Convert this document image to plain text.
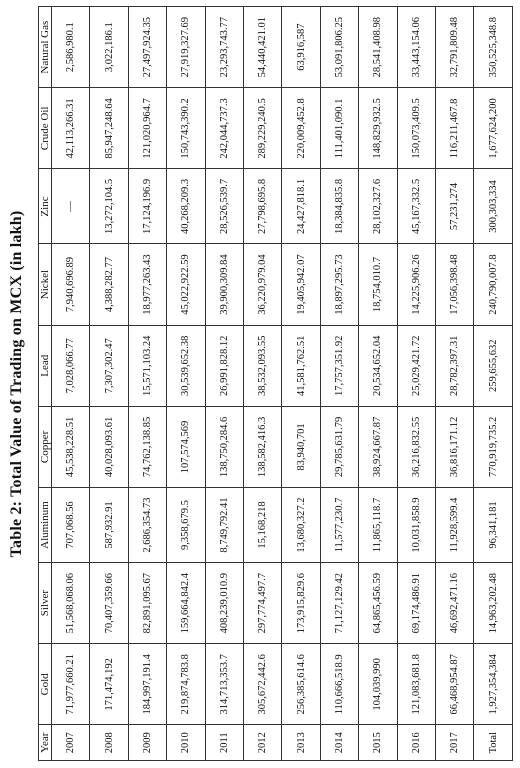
Table 2: Total Value of Trading on MCX (in lakh)
Year	Gold	Silver	Aluminum	Copper	Lead	Nickel	Zinc	Crude Oil	Natural Gas
2007	71,977,660.21	51,568,068.06	707,068.56	45,538,228.51	7,028,066.77	7,940,696.89	—	42,113,266.31	2,586,980.1
2008	171,474,192	70,407,359.66	587,932.91	40,028,093.61	7,307,302.47	4,388,282.77	13,272,104.5	85,947,248.64	3,022,186.1
2009	184,997,191.4	82,891,095.67	2,686,354.73	74,762,138.85	15,571,103.24	18,977,263.43	17,124,196.9	121,020,964.7	27,497,924.35
2010	219,874,783.8	159,664,842.4	9,358,679.5	107,574,569	30,539,652.38	45,022,922.59	40,268,209.3	150,743,390.2	27,919,327.69
2011	314,713,353.7	408,239,010.9	8,749,792.41	138,750,284.6	26,991,828.12	39,900,309.84	28,526,539.7	242,044,737.3	23,293,743.77
2012	305,672,442.6	297,774,497.7	15,168,218	138,582,416.3	38,532,093.55	36,220,979.04	27,798,695.8	289,229,240.5	54,440,421.01
2013	256,385,614.6	173,915,829.6	13,680,327.2	83,940,701	41,581,762.51	19,405,942.07	24,427,818.1	220,009,452.8	63,916,587
2014	110,666,518.9	71,127,129.42	11,577,230.7	29,785,631.79	17,757,351.92	18,897,295.73	18,384,835.8	111,401,090.1	53,091,806.25
2015	104,039,990	64,865,456.59	11,865,118.7	38,924,667.87	20,534,652.04	18,754,010.7	28,102,327.6	148,829,932.5	28,541,408.98
2016	121,083,681.8	69,174,486.91	10,031,858.9	36,216,832.55	25,029,421.72	14,225,906.26	45,167,332.5	150,073,409.5	33,443,154.06
2017	66,468,954.87	46,692,471.16	11,928,599.4	36,816,171.12	28,782,397.31	17,056,398.48	57,231,274	116,211,467.8	32,791,809.48
Total	1,927,354,384	14,963,202.48	96,341,181	770,919,735.2	259,655,632	240,790,007.8	300,303,334	1,677,624,200	350,525,348.8
